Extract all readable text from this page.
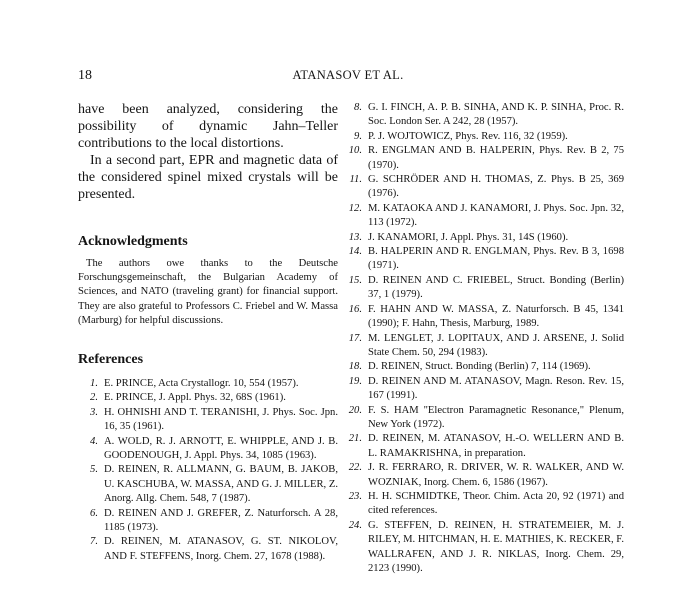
18	ATANASOV ET AL.

have been analyzed, considering the possibility of dynamic Jahn–Teller contributions to the local distortions.

In a second part, EPR and magnetic data of the considered spinel mixed crystals will be presented.

Acknowledgments

The authors owe thanks to the Deutsche Forschungsgemeinschaft, the Bulgarian Academy of Sciences, and NATO (traveling grant) for financial support. They are also grateful to Professors C. Friebel and W. Massa (Marburg) for helpful discussions.

References
1. E. PRINCE, Acta Crystallogr. 10, 554 (1957).
2. E. PRINCE, J. Appl. Phys. 32, 68S (1961).
3. H. OHNISHI AND T. TERANISHI, J. Phys. Soc. Jpn. 16, 35 (1961).
4. A. WOLD, R. J. ARNOTT, E. WHIPPLE, AND J. B. GOODENOUGH, J. Appl. Phys. 34, 1085 (1963).
5. D. REINEN, R. ALLMANN, G. BAUM, B. JAKOB, U. KASCHUBA, W. MASSA, AND G. J. MILLER, Z. Anorg. Allg. Chem. 548, 7 (1987).
6. D. REINEN AND J. GREFER, Z. Naturforsch. A 28, 1185 (1973).
7. D. REINEN, M. ATANASOV, G. ST. NIKOLOV, AND F. STEFFENS, Inorg. Chem. 27, 1678 (1988).
8. G. I. FINCH, A. P. B. SINHA, AND K. P. SINHA, Proc. R. Soc. London Ser. A 242, 28 (1957).
9. P. J. WOJTOWICZ, Phys. Rev. 116, 32 (1959).
10. R. ENGLMAN AND B. HALPERIN, Phys. Rev. B 2, 75 (1970).
11. G. SCHRÖDER AND H. THOMAS, Z. Phys. B 25, 369 (1976).
12. M. KATAOKA AND J. KANAMORI, J. Phys. Soc. Jpn. 32, 113 (1972).
13. J. KANAMORI, J. Appl. Phys. 31, 14S (1960).
14. B. HALPERIN AND R. ENGLMAN, Phys. Rev. B 3, 1698 (1971).
15. D. REINEN AND C. FRIEBEL, Struct. Bonding (Berlin) 37, 1 (1979).
16. F. HAHN AND W. MASSA, Z. Naturforsch. B 45, 1341 (1990); F. Hahn, Thesis, Marburg, 1989.
17. M. LENGLET, J. LOPITAUX, AND J. ARSENE, J. Solid State Chem. 50, 294 (1983).
18. D. REINEN, Struct. Bonding (Berlin) 7, 114 (1969).
19. D. REINEN AND M. ATANASOV, Magn. Reson. Rev. 15, 167 (1991).
20. F. S. HAM "Electron Paramagnetic Resonance," Plenum, New York (1972).
21. D. REINEN, M. ATANASOV, H.-O. WELLERN AND B. L. RAMAKRISHNA, in preparation.
22. J. R. FERRARO, R. DRIVER, W. R. WALKER, AND W. WOZNIAK, Inorg. Chem. 6, 1586 (1967).
23. H. H. SCHMIDTKE, Theor. Chim. Acta 20, 92 (1971) and cited references.
24. G. STEFFEN, D. REINEN, H. STRATEMEIER, M. J. RILEY, M. HITCHMAN, H. E. MATHIES, K. RECKER, F. WALLRAFEN, AND J. R. NIKLAS, Inorg. Chem. 29, 2123 (1990).
